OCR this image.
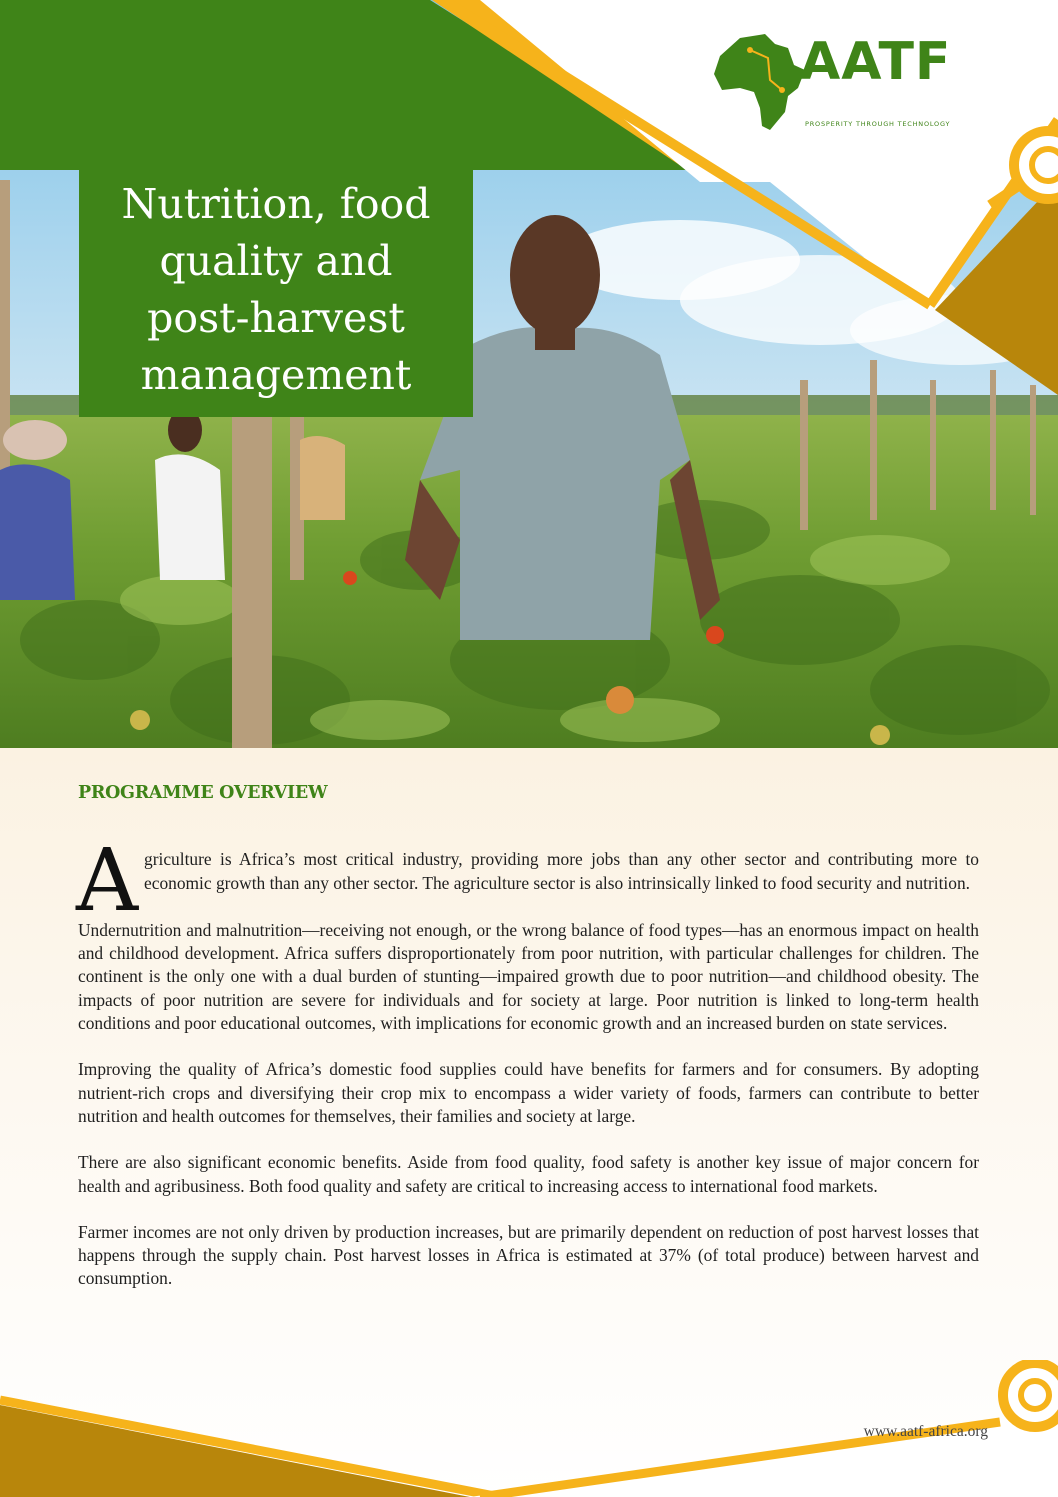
AATF
PROSPERITY THROUGH TECHNOLOGY
Nutrition, food
quality and
post-harvest
management
PROGRAMME OVERVIEW

A griculture is Africa’s most critical industry, providing more jobs than any other sector and contributing more to economic growth than any other sector. The agriculture sector is also intrinsically linked to food security and nutrition.

Undernutrition and malnutrition—receiving not enough, or the wrong balance of food types—has an enormous impact on health and childhood development. Africa suffers disproportionately from poor nutrition, with particular challenges for children. The continent is the only one with a dual burden of stunting—impaired growth due to poor nutrition—and childhood obesity. The impacts of poor nutrition are severe for individuals and for society at large. Poor nutrition is linked to long-term health conditions and poor educational outcomes, with implications for economic growth and an increased burden on state services.

Improving the quality of Africa’s domestic food supplies could have benefits for farmers and for consumers. By adopting nutrient-rich crops and diversifying their crop mix to encompass a wider variety of foods, farmers can contribute to better nutrition and health outcomes for themselves, their families and society at large.

There are also significant economic benefits. Aside from food quality, food safety is another key issue of major concern for health and agribusiness. Both food quality and safety are critical to increasing access to international food markets.

Farmer incomes are not only driven by production increases, but are primarily dependent on reduction of post harvest losses that happens through the supply chain. Post harvest losses in Africa is estimated at 37% (of total produce) between harvest and consumption.

www.aatf-africa.org
